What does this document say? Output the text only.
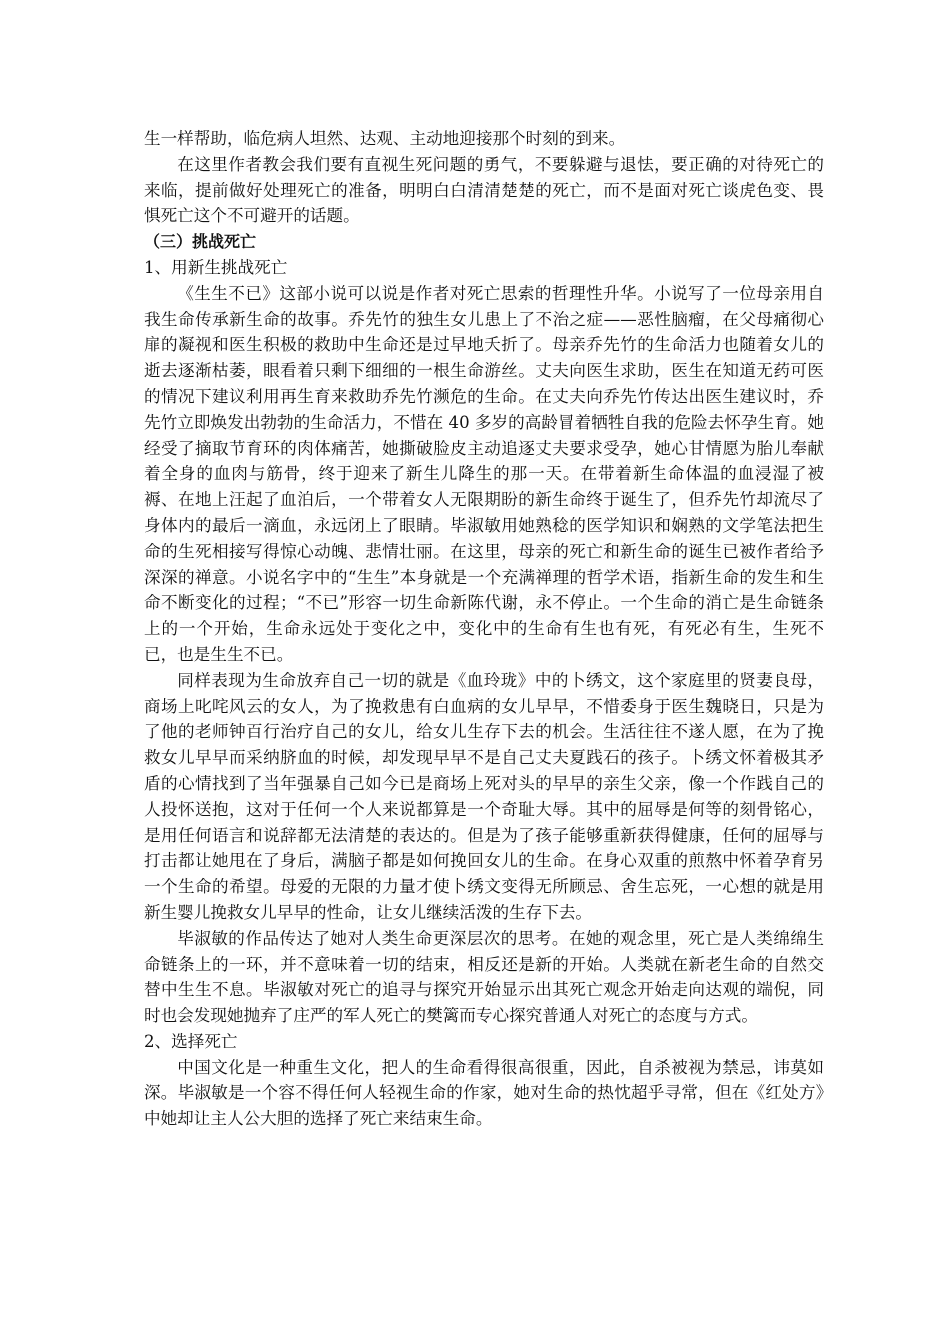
生一样帮助，临危病人坦然、达观、主动地迎接那个时刻的到来。

在这里作者教会我们要有直视生死问题的勇气，不要躲避与退怯，要正确的对待死亡的来临，提前做好处理死亡的准备，明明白白清清楚楚的死亡，而不是面对死亡谈虎色变、畏惧死亡这个不可避开的话题。

（三）挑战死亡

1、用新生挑战死亡

《生生不已》这部小说可以说是作者对死亡思索的哲理性升华。小说写了一位母亲用自我生命传承新生命的故事。乔先竹的独生女儿患上了不治之症——恶性脑瘤，在父母痛彻心扉的凝视和医生积极的救助中生命还是过早地夭折了。母亲乔先竹的生命活力也随着女儿的逝去逐渐枯萎，眼看着只剩下细细的一根生命游丝。丈夫向医生求助，医生在知道无药可医的情况下建议利用再生育来救助乔先竹濒危的生命。在丈夫向乔先竹传达出医生建议时，乔先竹立即焕发出勃勃的生命活力，不惜在 40 多岁的高龄冒着牺牲自我的危险去怀孕生育。她经受了摘取节育环的肉体痛苦，她撕破脸皮主动追逐丈夫要求受孕，她心甘情愿为胎儿奉献着全身的血肉与筋骨，终于迎来了新生儿降生的那一天。在带着新生命体温的血浸湿了被褥、在地上汪起了血泊后，一个带着女人无限期盼的新生命终于诞生了，但乔先竹却流尽了身体内的最后一滴血，永远闭上了眼睛。毕淑敏用她熟稔的医学知识和娴熟的文学笔法把生命的生死相接写得惊心动魄、悲情壮丽。在这里，母亲的死亡和新生命的诞生已被作者给予深深的禅意。小说名字中的“生生”本身就是一个充满禅理的哲学术语，指新生命的发生和生命不断变化的过程；“不已”形容一切生命新陈代谢，永不停止。一个生命的消亡是生命链条上的一个开始，生命永远处于变化之中，变化中的生命有生也有死，有死必有生，生死不已，也是生生不已。

同样表现为生命放弃自己一切的就是《血玲珑》中的卜绣文，这个家庭里的贤妻良母，商场上叱咤风云的女人，为了挽救患有白血病的女儿早早，不惜委身于医生魏晓日，只是为了他的老师钟百行治疗自己的女儿，给女儿生存下去的机会。生活往往不遂人愿，在为了挽救女儿早早而采纳脐血的时候，却发现早早不是自己丈夫夏践石的孩子。卜绣文怀着极其矛盾的心情找到了当年强暴自己如今已是商场上死对头的早早的亲生父亲，像一个作践自己的人投怀送抱，这对于任何一个人来说都算是一个奇耻大辱。其中的屈辱是何等的刻骨铭心，是用任何语言和说辞都无法清楚的表达的。但是为了孩子能够重新获得健康，任何的屈辱与打击都让她甩在了身后，满脑子都是如何挽回女儿的生命。在身心双重的煎熬中怀着孕育另一个生命的希望。母爱的无限的力量才使卜绣文变得无所顾忌、舍生忘死，一心想的就是用新生婴儿挽救女儿早早的性命，让女儿继续活泼的生存下去。

毕淑敏的作品传达了她对人类生命更深层次的思考。在她的观念里，死亡是人类绵绵生命链条上的一环，并不意味着一切的结束，相反还是新的开始。人类就在新老生命的自然交替中生生不息。毕淑敏对死亡的追寻与探究开始显示出其死亡观念开始走向达观的端倪，同时也会发现她抛弃了庄严的军人死亡的樊篱而专心探究普通人对死亡的态度与方式。

2、选择死亡

中国文化是一种重生文化，把人的生命看得很高很重，因此，自杀被视为禁忌，讳莫如深。毕淑敏是一个容不得任何人轻视生命的作家，她对生命的热忱超乎寻常，但在《红处方》中她却让主人公大胆的选择了死亡来结束生命。
